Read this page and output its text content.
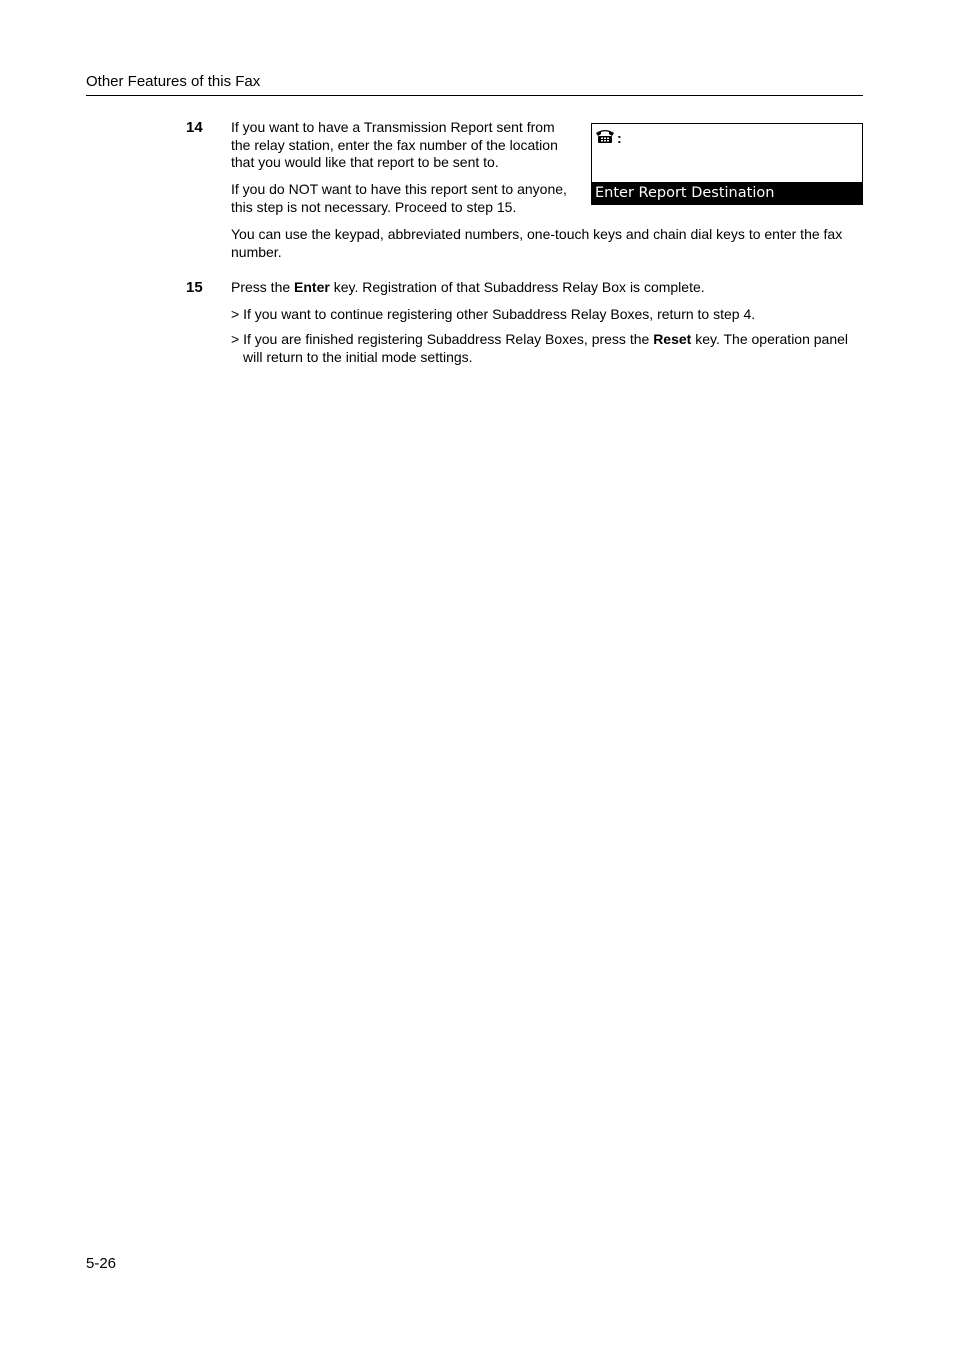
Other Features of this Fax
14 If you want to have a Transmission Report sent from the relay station, enter the fax number of the location that you would like that report to be sent to.
If you do NOT want to have this report sent to anyone, this step is not necessary. Proceed to step 15.
You can use the keypad, abbreviated numbers, one-touch keys and chain dial keys to enter the fax number.
:
Enter Report Destination
15 Press the Enter key. Registration of that Subaddress Relay Box is complete.
> If you want to continue registering other Subaddress Relay Boxes, return to step 4.
> If you are finished registering Subaddress Relay Boxes, press the Reset key. The operation panel will return to the initial mode settings.
5-26
